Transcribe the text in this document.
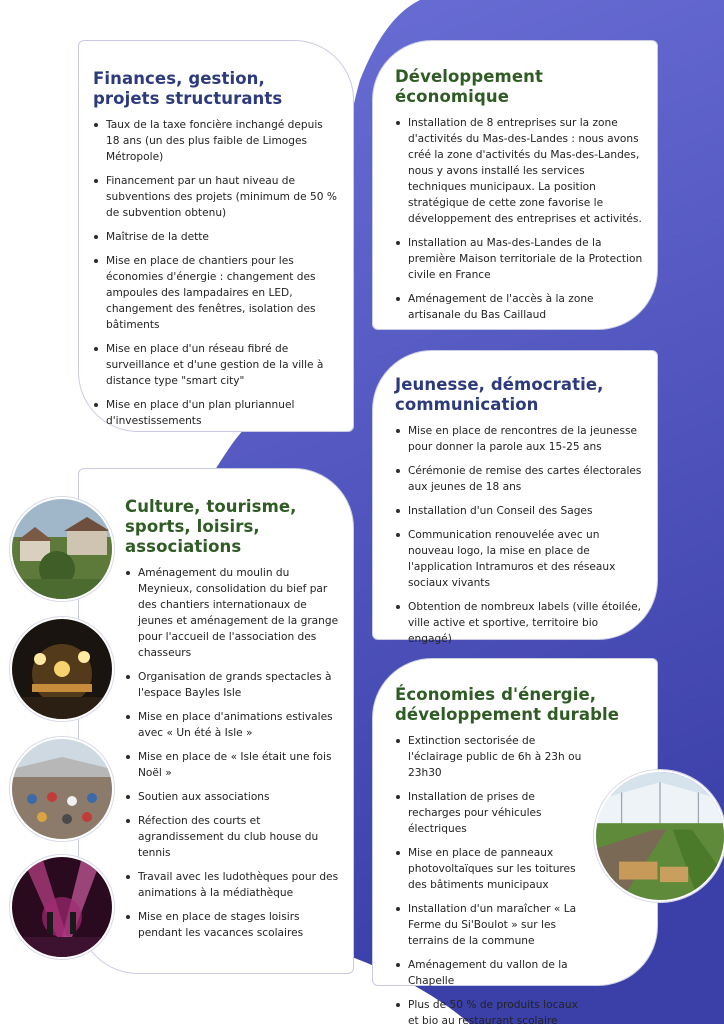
Finances, gestion, projets structurants
Taux de la taxe foncière inchangé depuis 18 ans (un des plus faible de Limoges Métropole)
Financement par un haut niveau de subventions des projets (minimum de 50 % de subvention obtenu)
Maîtrise de la dette
Mise en place de chantiers pour les économies d'énergie : changement des ampoules des lampadaires en LED, changement des fenêtres, isolation des bâtiments
Mise en place d'un réseau fibré de surveillance et d'une gestion de la ville à distance type "smart city"
Mise en place d'un plan pluriannuel d'investissements
Développement économique
Installation de 8 entreprises sur la zone d'activités du Mas-des-Landes : nous avons créé la zone d'activités du Mas-des-Landes, nous y avons installé les services techniques municipaux. La position stratégique de cette zone favorise le développement des entreprises et activités.
Installation au Mas-des-Landes de la première Maison territoriale de la Protection civile en France
Aménagement de l'accès à la zone artisanale du Bas Caillaud
Jeunesse, démocratie, communication
Mise en place de rencontres de la jeunesse pour donner la parole aux 15-25 ans
Cérémonie de remise des cartes électorales aux jeunes de 18 ans
Installation d'un Conseil des Sages
Communication renouvelée avec un nouveau logo, la mise en place de l'application Intramuros et des réseaux sociaux vivants
Obtention de nombreux labels (ville étoilée, ville active et sportive, territoire bio engagé)
Culture, tourisme, sports, loisirs, associations
Aménagement du moulin du Meynieux, consolidation du bief par des chantiers internationaux de jeunes et aménagement de la grange pour l'accueil de l'association des chasseurs
Organisation de grands spectacles à l'espace Bayles Isle
Mise en place d'animations estivales avec « Un été à Isle »
Mise en place de « Isle était une fois Noël »
Soutien aux associations
Réfection des courts et agrandissement du club house du tennis
Travail avec les ludothèques pour des animations à la médiathèque
Mise en place de stages loisirs pendant les vacances scolaires
Économies d'énergie, développement durable
Extinction sectorisée de l'éclairage public de 6h à 23h ou 23h30
Installation de prises de recharges pour véhicules électriques
Mise en place de panneaux photovoltaïques sur les toitures des bâtiments municipaux
Installation d'un maraîcher « La Ferme du Si'Boulot » sur les terrains de la commune
Aménagement du vallon de la Chapelle
Plus de 50 % de produits locaux et bio au restaurant scolaire
